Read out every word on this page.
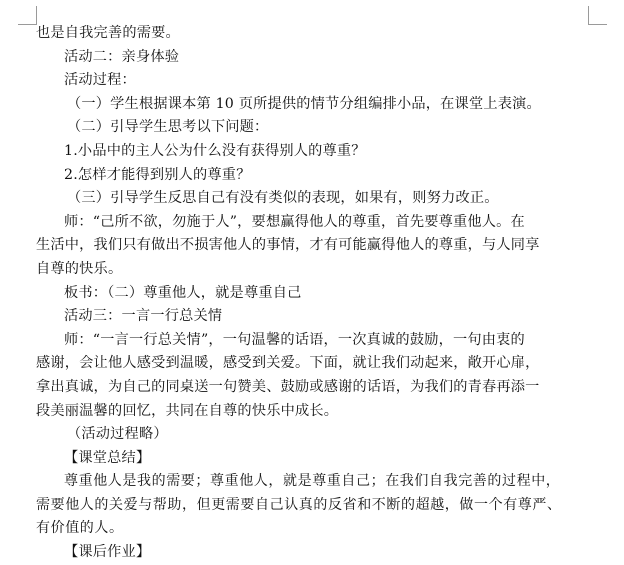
也是自我完善的需要。
活动二：亲身体验
活动过程：
（一）学生根据课本第 10 页所提供的情节分组编排小品，在课堂上表演。
（二）引导学生思考以下问题：
1.小品中的主人公为什么没有获得别人的尊重？
2.怎样才能得到别人的尊重？
（三）引导学生反思自己有没有类似的表现，如果有，则努力改正。
师：“己所不欲，勿施于人”，要想赢得他人的尊重，首先要尊重他人。在
生活中，我们只有做出不损害他人的事情，才有可能赢得他人的尊重，与人同享
自尊的快乐。
板书：（二）尊重他人，就是尊重自己
活动三：一言一行总关情
师：“一言一行总关情”，一句温馨的话语，一次真诚的鼓励，一句由衷的
感谢，会让他人感受到温暖，感受到关爱。下面，就让我们动起来，敞开心扉，
拿出真诚，为自己的同桌送一句赞美、鼓励或感谢的话语，为我们的青春再添一
段美丽温馨的回忆，共同在自尊的快乐中成长。
（活动过程略）
【课堂总结】
尊重他人是我的需要；尊重他人，就是尊重自己；在我们自我完善的过程中，
需要他人的关爱与帮助，但更需要自己认真的反省和不断的超越，做一个有尊严、
有价值的人。
【课后作业】
